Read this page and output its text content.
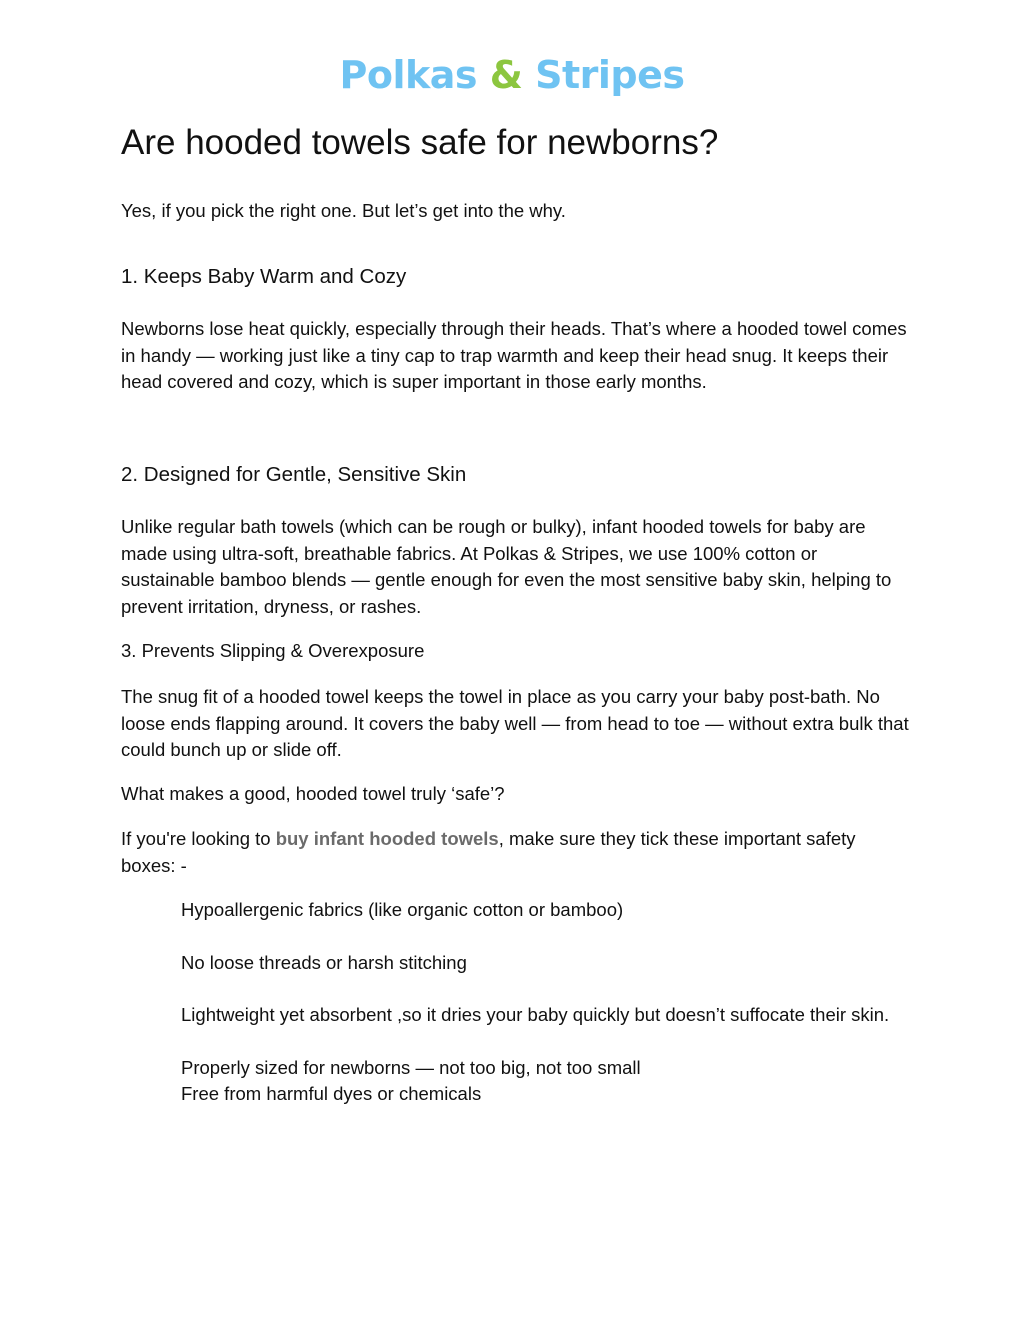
Polkas & Stripes
Are hooded towels safe for newborns?

Yes, if you pick the right one. But let’s get into the why.

1. Keeps Baby Warm and Cozy

Newborns lose heat quickly, especially through their heads. That’s where a hooded towel comes in handy — working just like a tiny cap to trap warmth and keep their head snug. It keeps their head covered and cozy, which is super important in those early months.

2. Designed for Gentle, Sensitive Skin

Unlike regular bath towels (which can be rough or bulky), infant hooded towels for baby are made using ultra-soft, breathable fabrics. At Polkas & Stripes, we use 100% cotton or sustainable bamboo blends — gentle enough for even the most sensitive baby skin, helping to prevent irritation, dryness, or rashes.

3. Prevents Slipping & Overexposure

The snug fit of a hooded towel keeps the towel in place as you carry your baby post-bath. No loose ends flapping around. It covers the baby well — from head to toe — without extra bulk that could bunch up or slide off.

What makes a good, hooded towel truly ‘safe’?

If you're looking to buy infant hooded towels, make sure they tick these important safety boxes: -

Hypoallergenic fabrics (like organic cotton or bamboo)
No loose threads or harsh stitching
Lightweight yet absorbent ,so it dries your baby quickly but doesn’t suffocate their skin.
Properly sized for newborns — not too big, not too small
Free from harmful dyes or chemicals
